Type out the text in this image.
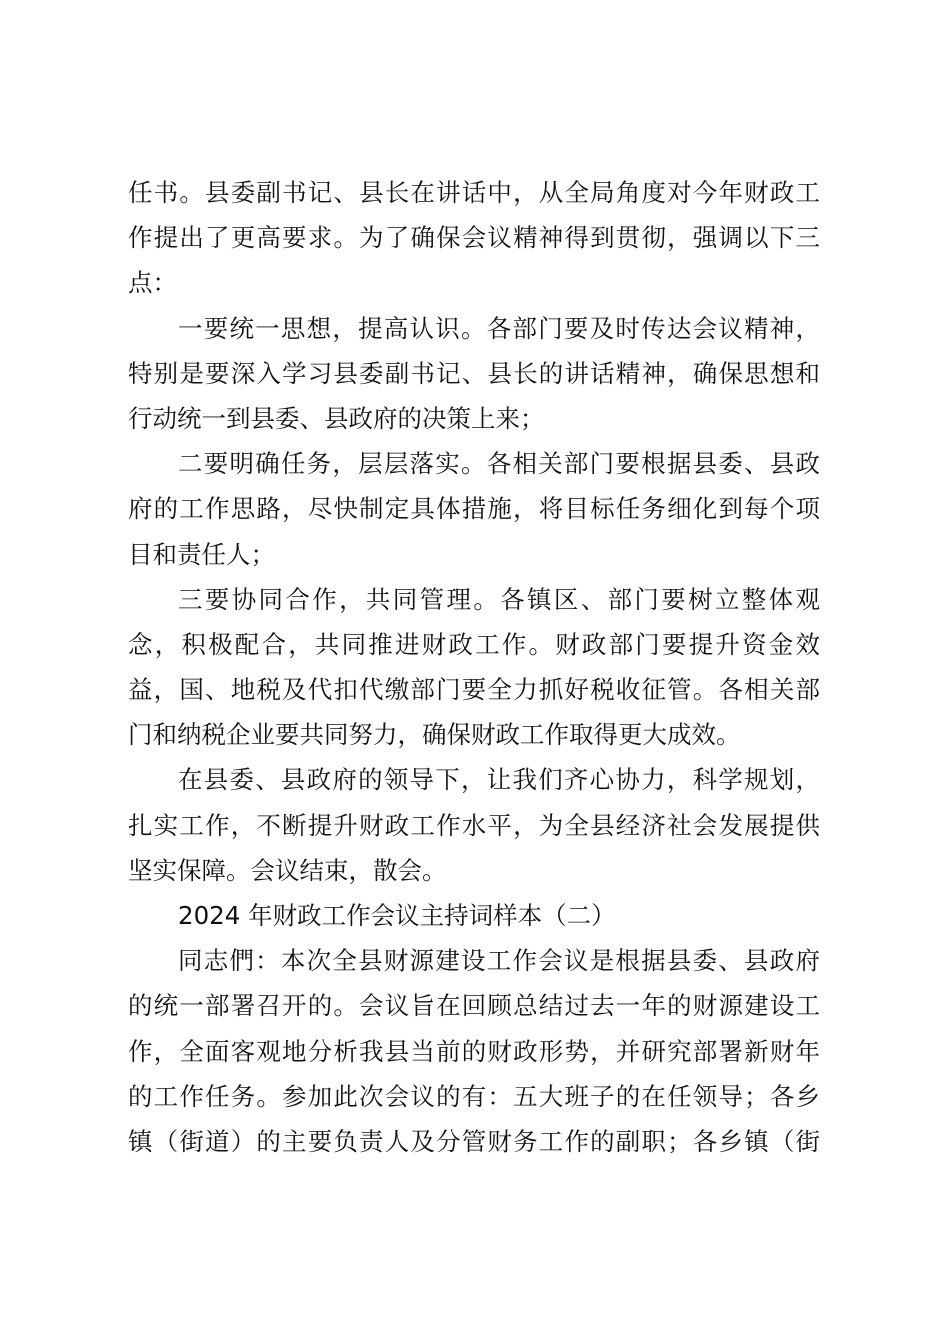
任书。县委副书记、县长在讲话中，从全局角度对今年财政工
作提出了更高要求。为了确保会议精神得到贯彻，强调以下三
点：
一要统一思想，提高认识。各部门要及时传达会议精神，
特别是要深入学习县委副书记、县长的讲话精神，确保思想和
行动统一到县委、县政府的决策上来；
二要明确任务，层层落实。各相关部门要根据县委、县政
府的工作思路，尽快制定具体措施，将目标任务细化到每个项
目和责任人；
三要协同合作，共同管理。各镇区、部门要树立整体观
念，积极配合，共同推进财政工作。财政部门要提升资金效
益，国、地税及代扣代缴部门要全力抓好税收征管。各相关部
门和纳税企业要共同努力，确保财政工作取得更大成效。
在县委、县政府的领导下，让我们齐心协力，科学规划，
扎实工作，不断提升财政工作水平，为全县经济社会发展提供
坚实保障。会议结束，散会。
2024 年财政工作会议主持词样本（二）
同志們：本次全县财源建设工作会议是根据县委、县政府
的统一部署召开的。会议旨在回顾总结过去一年的财源建设工
作，全面客观地分析我县当前的财政形势，并研究部署新财年
的工作任务。参加此次会议的有：五大班子的在任领导；各乡
镇（街道）的主要负责人及分管财务工作的副职；各乡镇（街
